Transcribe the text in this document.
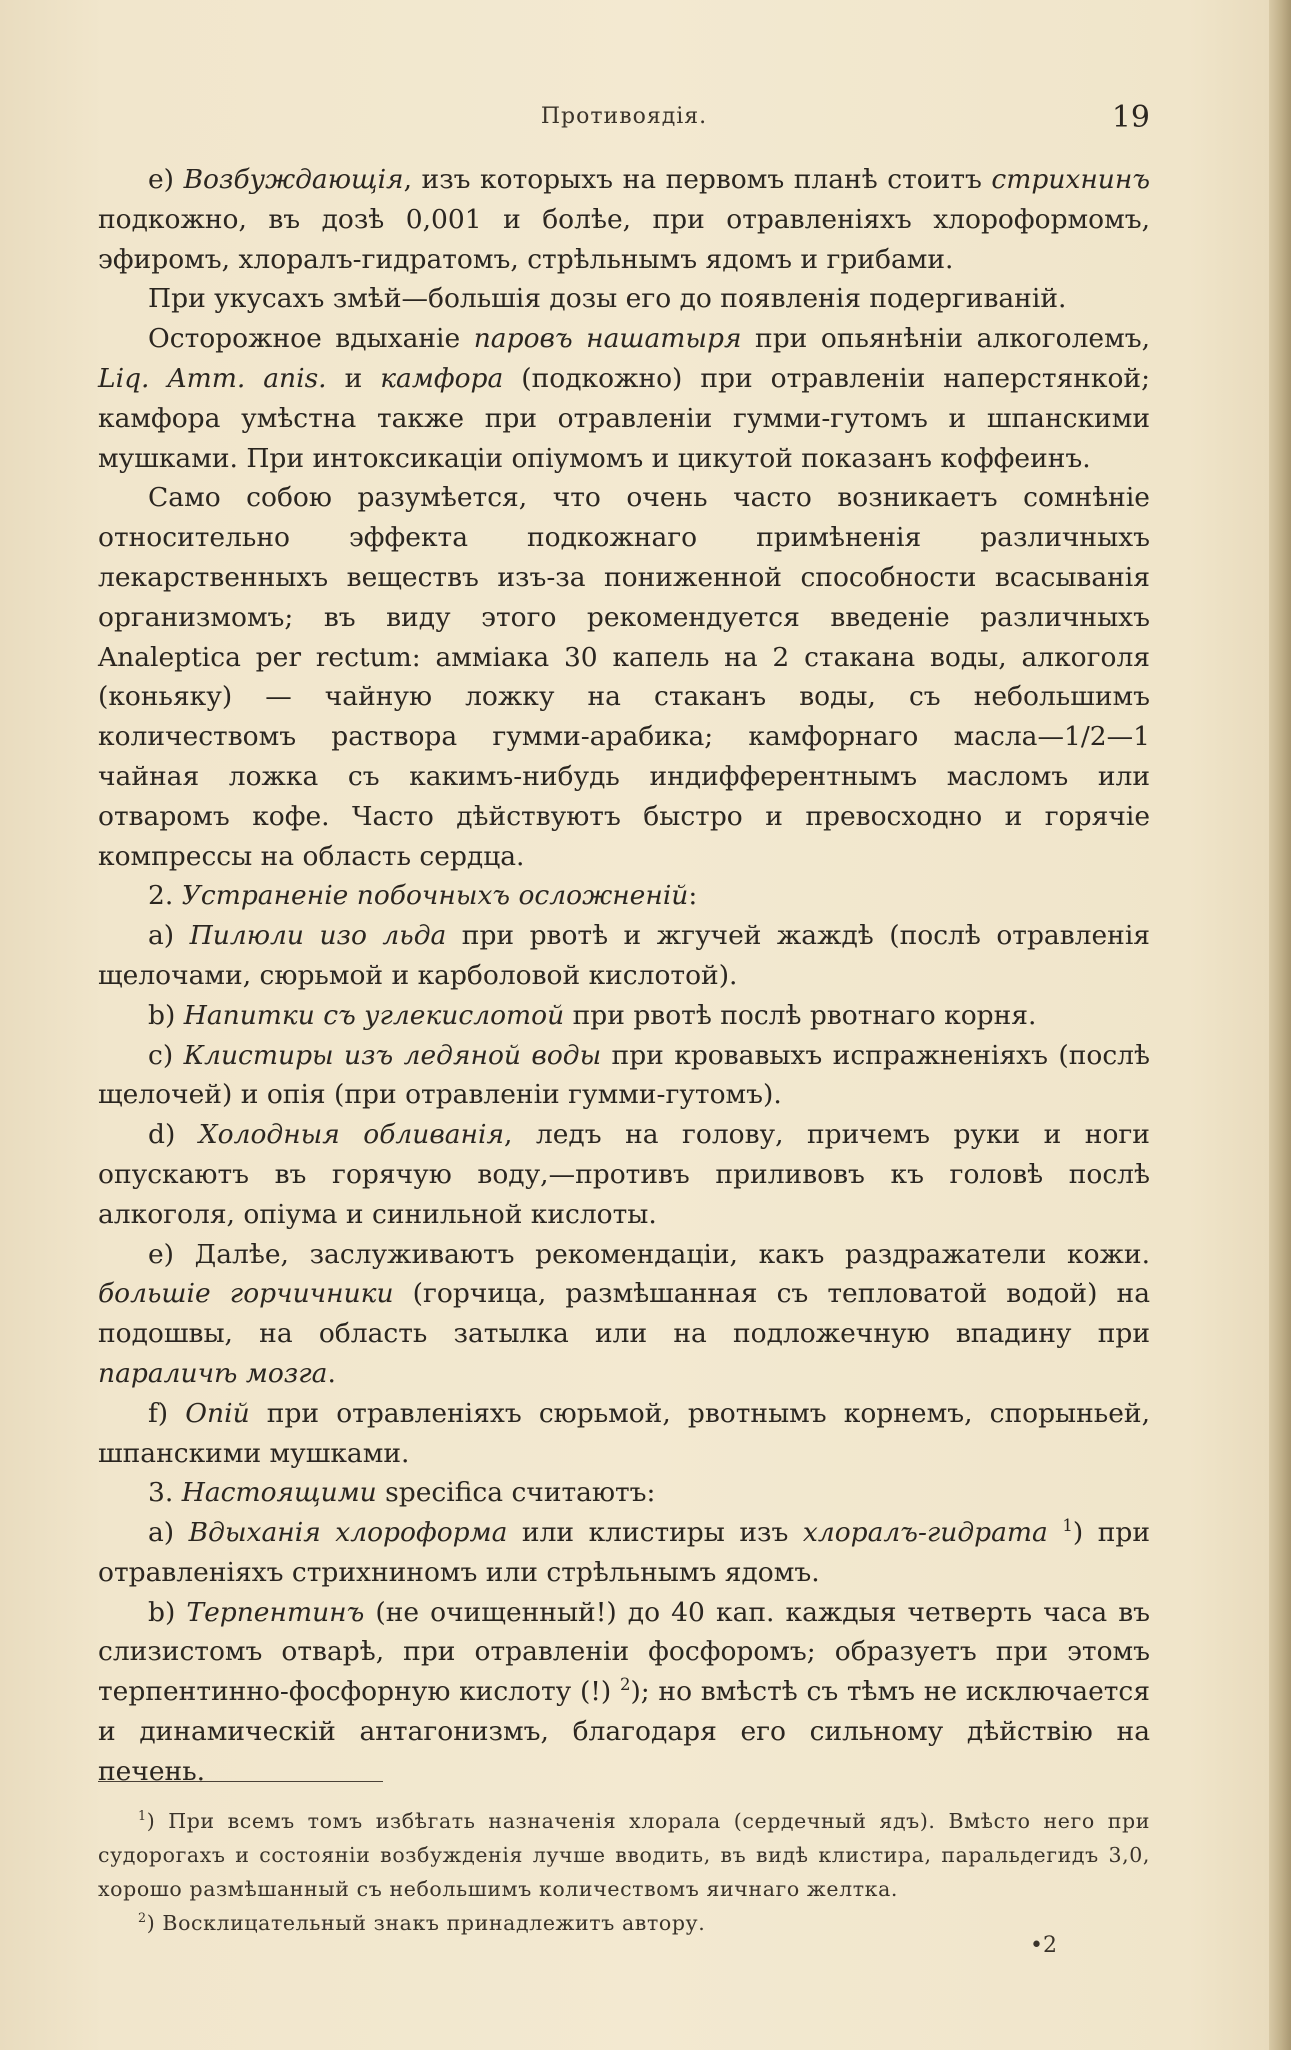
Противоядія.	19

e) Возбуждающія, изъ которыхъ на первомъ планѣ стоитъ стрихнинъ подкожно, въ дозѣ 0,001 и болѣе, при отравленіяхъ хлороформомъ, эфиромъ, хлоралъ-гидратомъ, стрѣльнымъ ядомъ и грибами.

При укусахъ змѣй—большія дозы его до появленія подергиваній.

Осторожное вдыханіе паровъ нашатыря при опьянѣніи алкоголемъ, Liq. Amm. anis. и камфора (подкожно) при отравленіи наперстянкой; камфора умѣстна также при отравленіи гумми-гутомъ и шпанскими мушками. При интоксикаціи опіумомъ и цикутой показанъ коффеинъ.

Само собою разумѣется, что очень часто возникаетъ сомнѣніе относительно эффекта подкожнаго примѣненія различныхъ лекарственныхъ веществъ изъ-за пониженной способности всасыванія организмомъ; въ виду этого рекомендуется введеніе различныхъ Analeptica per rectum: амміака 30 капель на 2 стакана воды, алкоголя (коньяку) — чайную ложку на стаканъ воды, съ небольшимъ количествомъ раствора гумми-арабика; камфорнаго масла—1/2—1 чайная ложка съ какимъ-нибудь индифферентнымъ масломъ или отваромъ кофе. Часто дѣйствуютъ быстро и превосходно и горячіе компрессы на область сердца.

2. Устраненіе побочныхъ осложненій:

a) Пилюли изо льда при рвотѣ и жгучей жаждѣ (послѣ отравленія щелочами, сюрьмой и карболовой кислотой).

b) Напитки съ углекислотой при рвотѣ послѣ рвотнаго корня.

c) Клистиры изъ ледяной воды при кровавыхъ испражненіяхъ (послѣ щелочей) и опія (при отравленіи гумми-гутомъ).

d) Холодныя обливанія, ледъ на голову, причемъ руки и ноги опускаютъ въ горячую воду,—противъ приливовъ къ головѣ послѣ алкоголя, опіума и синильной кислоты.

e) Далѣе, заслуживаютъ рекомендаціи, какъ раздражатели кожи. большіе горчичники (горчица, размѣшанная съ тепловатой водой) на подошвы, на область затылка или на подложечную впадину при параличѣ мозга.

f) Опій при отравленіяхъ сюрьмой, рвотнымъ корнемъ, спорыньей, шпанскими мушками.

3. Настоящими specifica считаютъ:

a) Вдыханія хлороформа или клистиры изъ хлоралъ-гидрата $^1$) при отравленіяхъ стрихниномъ или стрѣльнымъ ядомъ.

b) Терпентинъ (не очищенный!) до 40 кап. каждыя четверть часа въ слизистомъ отварѣ, при отравленіи фосфоромъ; образуетъ при этомъ терпентинно-фосфорную кислоту (!) $^2$); но вмѣстѣ съ тѣмъ не исключается и динамическій антагонизмъ, благодаря его сильному дѣйствію на печень.

$^1$) При всемъ томъ избѣгать назначенія хлорала (сердечный ядъ). Вмѣсто него при судорогахъ и состояніи возбужденія лучше вводить, въ видѣ клистира, паральдегидъ 3,0, хорошо размѣшанный съ небольшимъ количествомъ яичнаго желтка.

$^2$) Восклицательный знакъ принадлежитъ автору.

•2
